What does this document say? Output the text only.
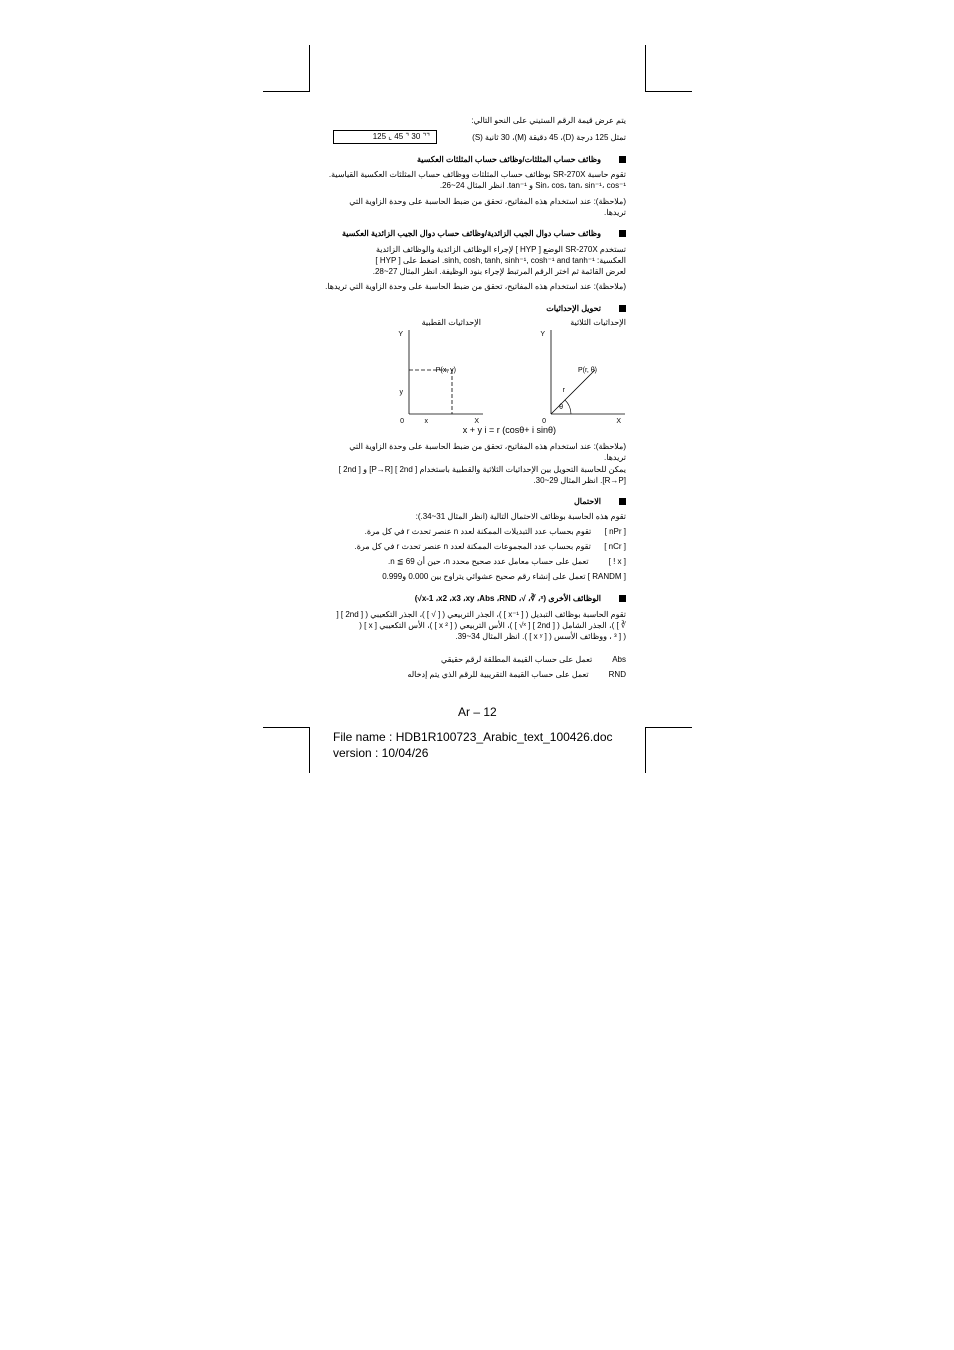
يتم عرض قيمة الرقم الستيني على النحو التالي:
تمثل 125 درجة (D)، 45 دقيقة (M)، 30 ثانية (S)
125 ⌞ 45 ⌝ 30 ⌝⌝
وظائف حساب المثلثات/وظائف حساب المثلثات العكسية
تقوم حاسبة SR-270X بوظائف حساب المثلثات ووظائف حساب المثلثات العكسية القياسية.
Sin، cos، tan، sin⁻¹، cos⁻¹ و tan⁻¹. انظر المثال 24~26.
(ملاحظة): عند استخدام هذه المفاتيح، تحقق من ضبط الحاسبة على وحدة الزاوية التي
تريدها.
وظائف حساب دوال الجيب الزائدية/وظائف حساب دوال الجيب الزائدية العكسية
تستخدم SR-270X الوضع [ HYP ] لإجراء الوظائف الزائدية والوظائف الزائدية
العكسية: sinh, cosh, tanh, sinh⁻¹, cosh⁻¹ and tanh⁻¹. اضغط على [ HYP ]
لعرض القائمة ثم اختر الرقم المرتبط لإجراء بنود الوظيفة. انظر المثال 27~28.
(ملاحظة): عند استخدام هذه المفاتيح، تحقق من ضبط الحاسبة على وحدة الزاوية التي تريدها.
تحويل الإحداثيات
الإحداثيات الثلاثية
الإحداثيات القطبية
Y
X
0
P(x, y)
x
y
Y
X
0
P(r, θ)
r
θ
x + y i = r (cosθ+ i sinθ)
(ملاحظة): عند استخدام هذه المفاتيح، تحقق من ضبط الحاسبة على وحدة الزاوية التي
تريدها.
يمكن للحاسبة التحويل بين الإحداثيات الثلاثية والقطبية باستخدام [ 2nd ] [P→R] و [ 2nd ]
[R→P]. انظر المثال 29~30.
الاحتمال
تقوم هذه الحاسبة بوظائف الاحتمال التالية (انظر المثال 31~34.):
[ nPr ]      تقوم بحساب عدد التبديلات الممكنة لعدد n عنصر تحدث r في كل مرة.
[ nCr ]      تقوم بحساب عدد المجموعات الممكنة لعدد n عنصر تحدث r في كل مرة.
[ x ! ]         تعمل على حساب معامل عدد صحيح محدد n، حين أن n ≦ 69.
[ RANDM ] تعمل على إنشاء رقم صحيح عشوائي يتراوح بين 0.000 و0.999
الوظائف الأخرى (x-1 ،x2 ،x3 ،xy ،Abs ،RND ،√ ،∛ ،ˣ√)
تقوم الحاسبة بوظائف التبديل ( [ x⁻¹ ] )، الجذر التربيعي ( [ √ ] )، الجذر التكعيبي ( [ 2nd ] [
∛ ] )، الجذر الشامل ( [ 2nd ] [ ˣ√ ] )، الأس التربيعي ( [ x ² ] )، الأس التكعيبي [ x ] (
( [ ³ ، ووظائف الأسس ( [ x ʸ ] ). انظر المثال 34~39.
Abs         تعمل على حساب القيمة المطلقة لرقم حقيقي
RND         تعمل على حساب القيمة التقريبية للرقم الذي يتم إدخاله
Ar – 12
File name : HDB1R100723_Arabic_text_100426.doc
version : 10/04/26
